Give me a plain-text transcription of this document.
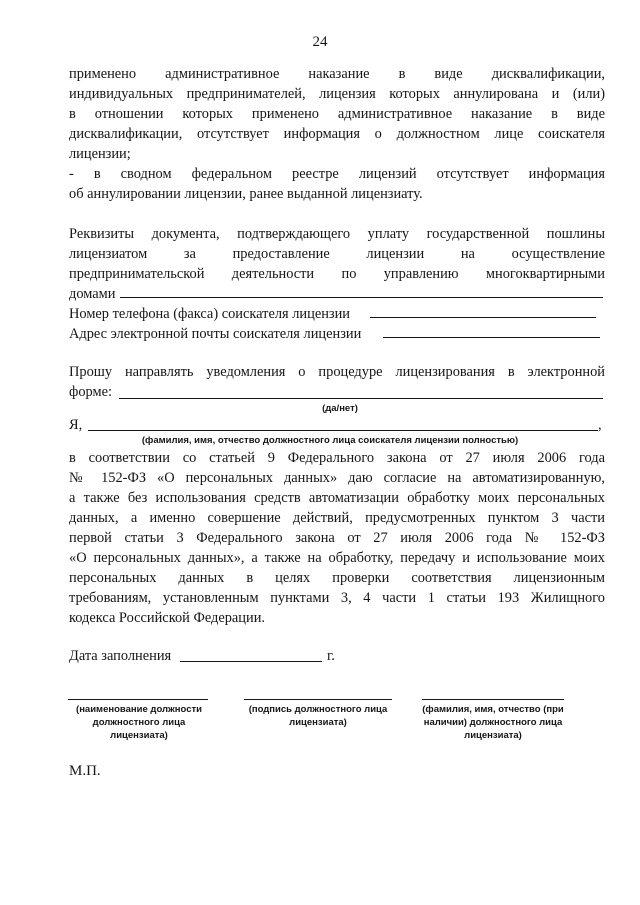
24
применено административное наказание в виде дисквалификации,
индивидуальных предпринимателей, лицензия которых аннулирована и (или)
в отношении которых применено административное наказание в виде
дисквалификации, отсутствует информация о должностном лице соискателя
лицензии;
- в сводном федеральном реестре лицензий отсутствует информация
об аннулировании лицензии, ранее выданной лицензиату.
Реквизиты документа, подтверждающего уплату государственной пошлины
лицензиатом за предоставление лицензии на осуществление
предпринимательской деятельности по управлению многоквартирными
домами
Номер телефона (факса) соискателя лицензии
Адрес электронной почты соискателя лицензии
Прошу направлять уведомления о процедуре лицензирования в электронной
форме:
(да/нет)
Я,	,
(фамилия, имя, отчество должностного лица соискателя лицензии полностью)
в соответствии со статьей 9 Федерального закона от 27 июля 2006 года
№ 152-ФЗ «О персональных данных» даю согласие на автоматизированную,
а также без использования средств автоматизации обработку моих персональных
данных, а именно совершение действий, предусмотренных пунктом 3 части
первой статьи 3 Федерального закона от 27 июля 2006 года № 152-ФЗ
«О персональных данных», а также на обработку, передачу и использование моих
персональных данных в целях проверки соответствия лицензионным
требованиям, установленным пунктами 3, 4 части 1 статьи 193 Жилищного
кодекса Российской Федерации.
Дата заполнения	г.
(наименование должности
должностного лица
лицензиата)
(подпись должностного лица
лицензиата)
(фамилия, имя, отчество (при
наличии) должностного лица
лицензиата)
М.П.
